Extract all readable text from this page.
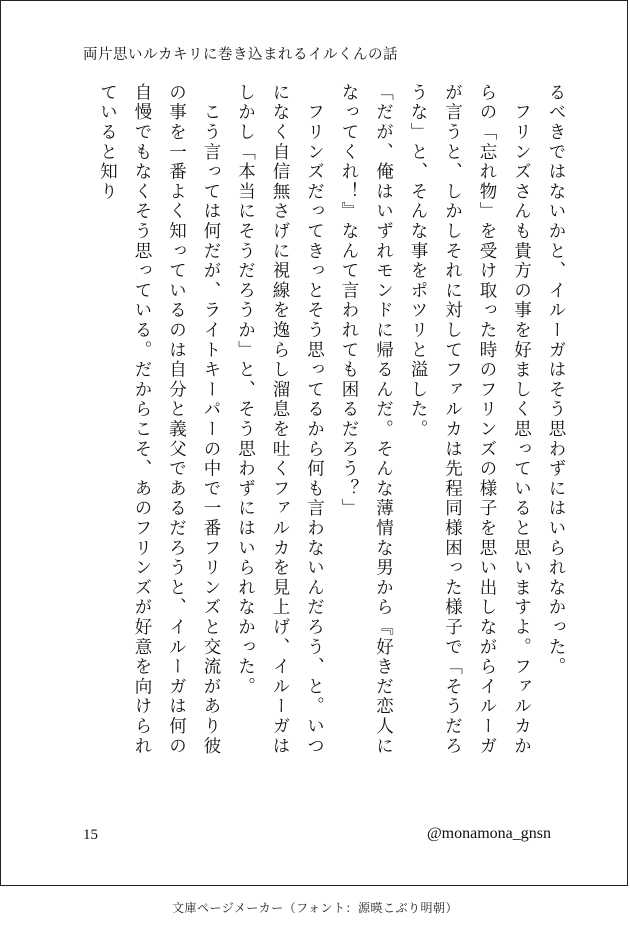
両片思いルカキリに巻き込まれるイルくんの話

るべきではないかと、イルーガはそう思わずにはいられなかった。

　フリンズさんも貴方の事を好ましく思っていると思いますよ。ファルカからの「忘れ物」を受け取った時のフリンズの様子を思い出しながらイルーガが言うと、しかしそれに対してファルカは先程同様困った様子で「そうだろうな」と、そんな事をポツリと溢した。

「だが、俺はいずれモンドに帰るんだ。そんな薄情な男から『好きだ恋人になってくれ！』なんて言われても困るだろう？」

　フリンズだってきっとそう思ってるから何も言わないんだろう、と。いつになく自信無さげに視線を逸らし溜息を吐くファルカを見上げ、イルーガはしかし「本当にそうだろうか」と、そう思わずにはいられなかった。

　こう言っては何だが、ライトキーパーの中で一番フリンズと交流があり彼の事を一番よく知っているのは自分と義父であるだろうと、イルーガは何の自慢でもなくそう思っている。だからこそ、あのフリンズが好意を向けられていると知り

15	@monamona_gnsn
文庫ページメーカー（フォント：源暎こぶり明朝）
